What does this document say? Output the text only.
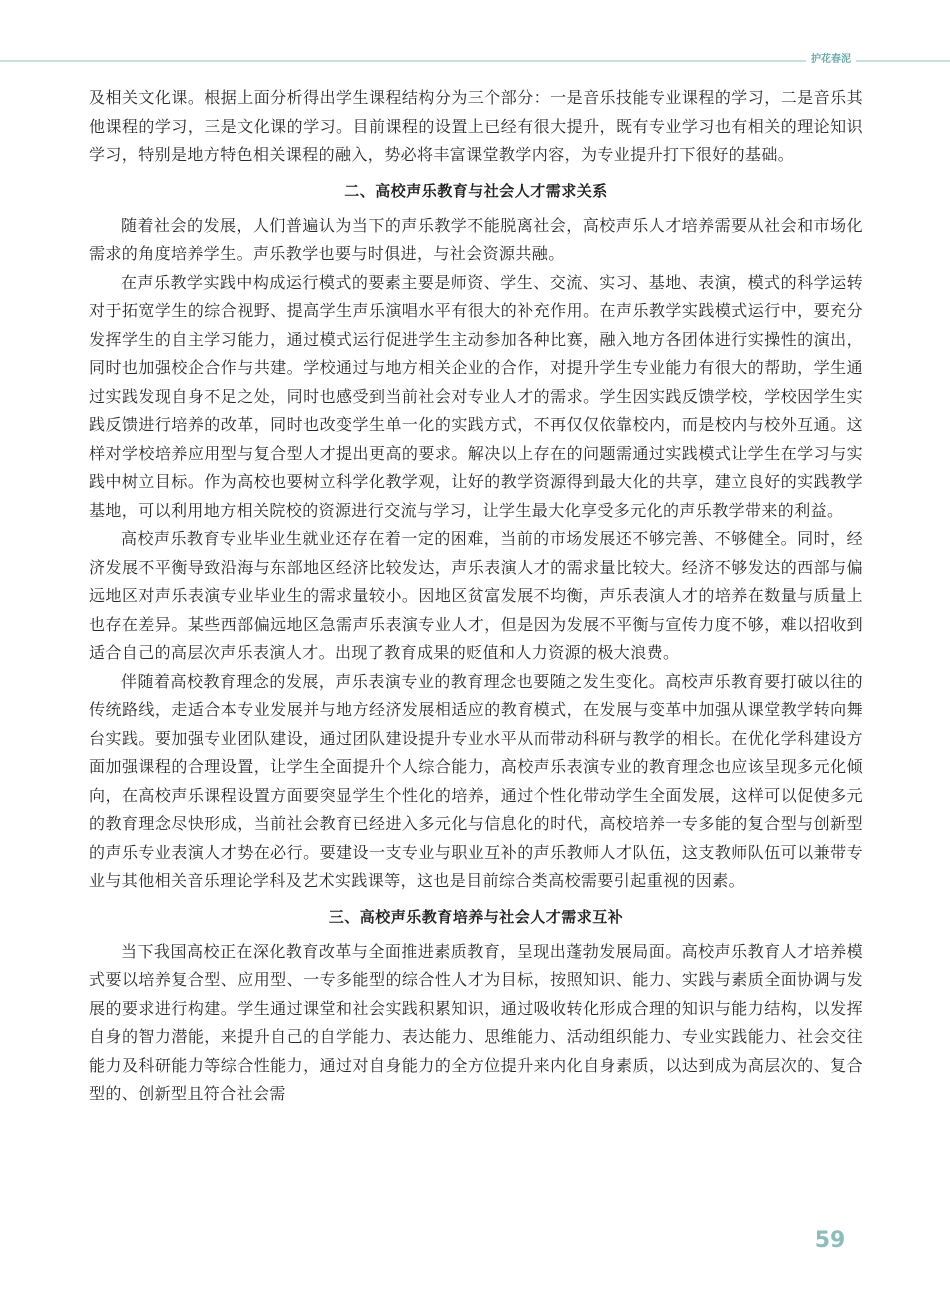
护花春泥

及相关文化课。根据上面分析得出学生课程结构分为三个部分：一是音乐技能专业课程的学习，二是音乐其他课程的学习，三是文化课的学习。目前课程的设置上已经有很大提升，既有专业学习也有相关的理论知识学习，特别是地方特色相关课程的融入，势必将丰富课堂教学内容，为专业提升打下很好的基础。

二、高校声乐教育与社会人才需求关系

随着社会的发展，人们普遍认为当下的声乐教学不能脱离社会，高校声乐人才培养需要从社会和市场化需求的角度培养学生。声乐教学也要与时俱进，与社会资源共融。

在声乐教学实践中构成运行模式的要素主要是师资、学生、交流、实习、基地、表演，模式的科学运转对于拓宽学生的综合视野、提高学生声乐演唱水平有很大的补充作用。在声乐教学实践模式运行中，要充分发挥学生的自主学习能力，通过模式运行促进学生主动参加各种比赛，融入地方各团体进行实操性的演出，同时也加强校企合作与共建。学校通过与地方相关企业的合作，对提升学生专业能力有很大的帮助，学生通过实践发现自身不足之处，同时也感受到当前社会对专业人才的需求。学生因实践反馈学校，学校因学生实践反馈进行培养的改革，同时也改变学生单一化的实践方式，不再仅仅依靠校内，而是校内与校外互通。这样对学校培养应用型与复合型人才提出更高的要求。解决以上存在的问题需通过实践模式让学生在学习与实践中树立目标。作为高校也要树立科学化教学观，让好的教学资源得到最大化的共享，建立良好的实践教学基地，可以利用地方相关院校的资源进行交流与学习，让学生最大化享受多元化的声乐教学带来的利益。

高校声乐教育专业毕业生就业还存在着一定的困难，当前的市场发展还不够完善、不够健全。同时，经济发展不平衡导致沿海与东部地区经济比较发达，声乐表演人才的需求量比较大。经济不够发达的西部与偏远地区对声乐表演专业毕业生的需求量较小。因地区贫富发展不均衡，声乐表演人才的培养在数量与质量上也存在差异。某些西部偏远地区急需声乐表演专业人才，但是因为发展不平衡与宣传力度不够，难以招收到适合自己的高层次声乐表演人才。出现了教育成果的贬值和人力资源的极大浪费。

伴随着高校教育理念的发展，声乐表演专业的教育理念也要随之发生变化。高校声乐教育要打破以往的传统路线，走适合本专业发展并与地方经济发展相适应的教育模式，在发展与变革中加强从课堂教学转向舞台实践。要加强专业团队建设，通过团队建设提升专业水平从而带动科研与教学的相长。在优化学科建设方面加强课程的合理设置，让学生全面提升个人综合能力，高校声乐表演专业的教育理念也应该呈现多元化倾向，在高校声乐课程设置方面要突显学生个性化的培养，通过个性化带动学生全面发展，这样可以促使多元的教育理念尽快形成，当前社会教育已经进入多元化与信息化的时代，高校培养一专多能的复合型与创新型的声乐专业表演人才势在必行。要建设一支专业与职业互补的声乐教师人才队伍，这支教师队伍可以兼带专业与其他相关音乐理论学科及艺术实践课等，这也是目前综合类高校需要引起重视的因素。

三、高校声乐教育培养与社会人才需求互补

当下我国高校正在深化教育改革与全面推进素质教育，呈现出蓬勃发展局面。高校声乐教育人才培养模式要以培养复合型、应用型、一专多能型的综合性人才为目标，按照知识、能力、实践与素质全面协调与发展的要求进行构建。学生通过课堂和社会实践积累知识，通过吸收转化形成合理的知识与能力结构，以发挥自身的智力潜能，来提升自己的自学能力、表达能力、思维能力、活动组织能力、专业实践能力、社会交往能力及科研能力等综合性能力，通过对自身能力的全方位提升来内化自身素质，以达到成为高层次的、复合型的、创新型且符合社会需

59
